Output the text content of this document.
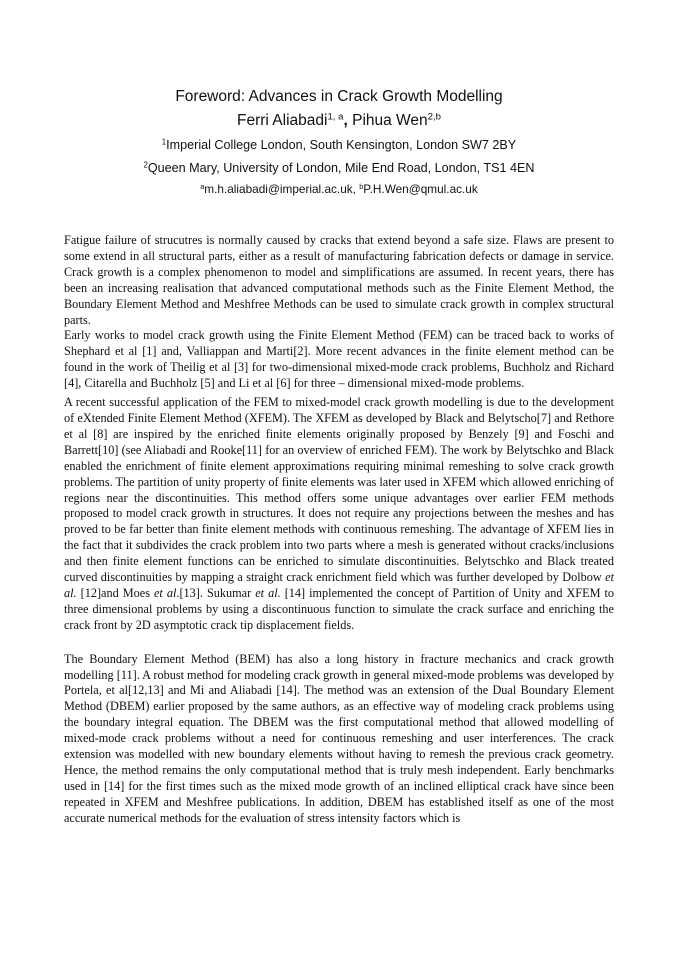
Foreword: Advances in Crack Growth Modelling
Ferri Aliabadi$^{1, a}$, Pihua Wen$^{2,b}$
$^1$Imperial College London, South Kensington, London SW7 2BY
$^2$Queen Mary, University of London, Mile End Road, London, TS1 4EN
$^a$m.h.aliabadi@imperial.ac.uk, $^b$P.H.Wen@qmul.ac.uk

Fatigue failure of strucutres is normally caused by cracks that extend beyond a safe size. Flaws are present to some extend in all structural parts, either as a result of manufacturing fabrication defects or damage in service. Crack growth is a complex phenomenon to model and simplifications are assumed. In recent years, there has been an increasing realisation that advanced computational methods such as the Finite Element Method, the Boundary Element Method and Meshfree Methods can be used to simulate crack growth in complex structural parts.

Early works to model crack growth using the Finite Element Method (FEM) can be traced back to works of Shephard et al [1] and, Valliappan and Marti[2]. More recent advances in the finite element method can be found in the work of Theilig et al [3] for two-dimensional mixed-mode crack problems, Buchholz and Richard [4], Citarella and Buchholz [5] and Li et al [6] for three – dimensional mixed-mode problems.

A recent successful application of the FEM to mixed-model crack growth modelling is due to the development of eXtended Finite Element Method (XFEM). The XFEM as developed by Black and Belytscho[7] and Rethore et al [8] are inspired by the enriched finite elements originally proposed by Benzely [9] and Foschi and Barrett[10] (see Aliabadi and Rooke[11] for an overview of enriched FEM). The work by Belytschko and Black enabled the enrichment of finite element approximations requiring minimal remeshing to solve crack growth problems. The partition of unity property of finite elements was later used in XFEM which allowed enriching of regions near the discontinuities. This method offers some unique advantages over earlier FEM methods proposed to model crack growth in structures. It does not require any projections between the meshes and has proved to be far better than finite element methods with continuous remeshing. The advantage of XFEM lies in the fact that it subdivides the crack problem into two parts where a mesh is generated without cracks/inclusions and then finite element functions can be enriched to simulate discontinuities. Belytschko and Black treated curved discontinuities by mapping a straight crack enrichment field which was further developed by Dolbow et al. [12]and Moes et al.[13]. Sukumar et al. [14] implemented the concept of Partition of Unity and XFEM to three dimensional problems by using a discontinuous function to simulate the crack surface and enriching the crack front by 2D asymptotic crack tip displacement fields.

The Boundary Element Method (BEM) has also a long history in fracture mechanics and crack growth modelling [11]. A robust method for modeling crack growth in general mixed-mode problems was developed by Portela, et al[12,13] and Mi and Aliabadi [14]. The method was an extension of the Dual Boundary Element Method (DBEM) earlier proposed by the same authors, as an effective way of modeling crack problems using the boundary integral equation. The DBEM was the first computational method that allowed modelling of mixed-mode crack problems without a need for continuous remeshing and user interferences. The crack extension was modelled with new boundary elements without having to remesh the previous crack geometry. Hence, the method remains the only computational method that is truly mesh independent. Early benchmarks used in [14] for the first times such as the mixed mode growth of an inclined elliptical crack have since been repeated in XFEM and Meshfree publications. In addition, DBEM has established itself as one of the most accurate numerical methods for the evaluation of stress intensity factors which is
